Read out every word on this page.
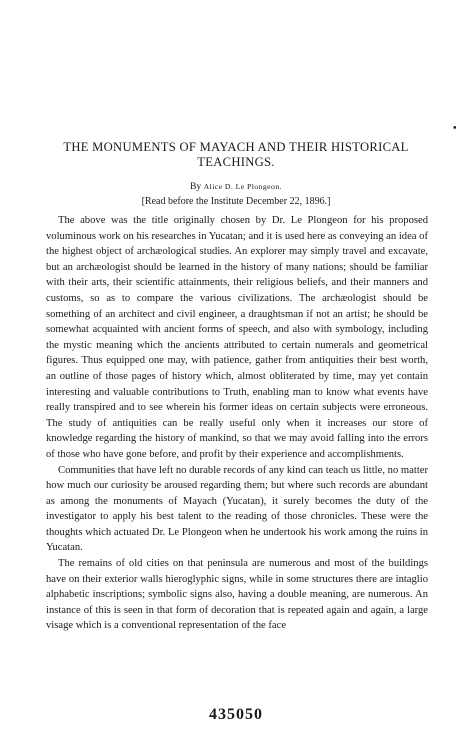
•
THE MONUMENTS OF MAYACH AND THEIR HISTORICAL
TEACHINGS.
By Alice D. Le Plongeon.
[Read before the Institute December 22, 1896.]

The above was the title originally chosen by Dr. Le Plongeon for his proposed voluminous work on his researches in Yucatan; and it is used here as conveying an idea of the highest object of archæological studies. An explorer may simply travel and excavate, but an archæologist should be learned in the history of many nations; should be familiar with their arts, their scientific attainments, their religious beliefs, and their manners and customs, so as to compare the various civilizations. The archæologist should be something of an architect and civil engineer, a draughtsman if not an artist; he should be somewhat acquainted with ancient forms of speech, and also with symbology, including the mystic meaning which the ancients attributed to certain numerals and geometrical figures. Thus equipped one may, with patience, gather from antiquities their best worth, an outline of those pages of history which, almost obliterated by time, may yet contain interesting and valuable contributions to Truth, enabling man to know what events have really transpired and to see wherein his former ideas on certain subjects were erroneous. The study of antiquities can be really useful only when it increases our store of knowledge regarding the history of mankind, so that we may avoid falling into the errors of those who have gone before, and profit by their experience and accomplishments.

Communities that have left no durable records of any kind can teach us little, no matter how much our curiosity be aroused regarding them; but where such records are abundant as among the monuments of Mayach (Yucatan), it surely becomes the duty of the investigator to apply his best talent to the reading of those chronicles. These were the thoughts which actuated Dr. Le Plongeon when he undertook his work among the ruins in Yucatan.

The remains of old cities on that peninsula are numerous and most of the buildings have on their exterior walls hieroglyphic signs, while in some structures there are intaglio alphabetic inscriptions; symbolic signs also, having a double meaning, are numerous. An instance of this is seen in that form of decoration that is repeated again and again, a large visage which is a conventional representation of the face

435050
